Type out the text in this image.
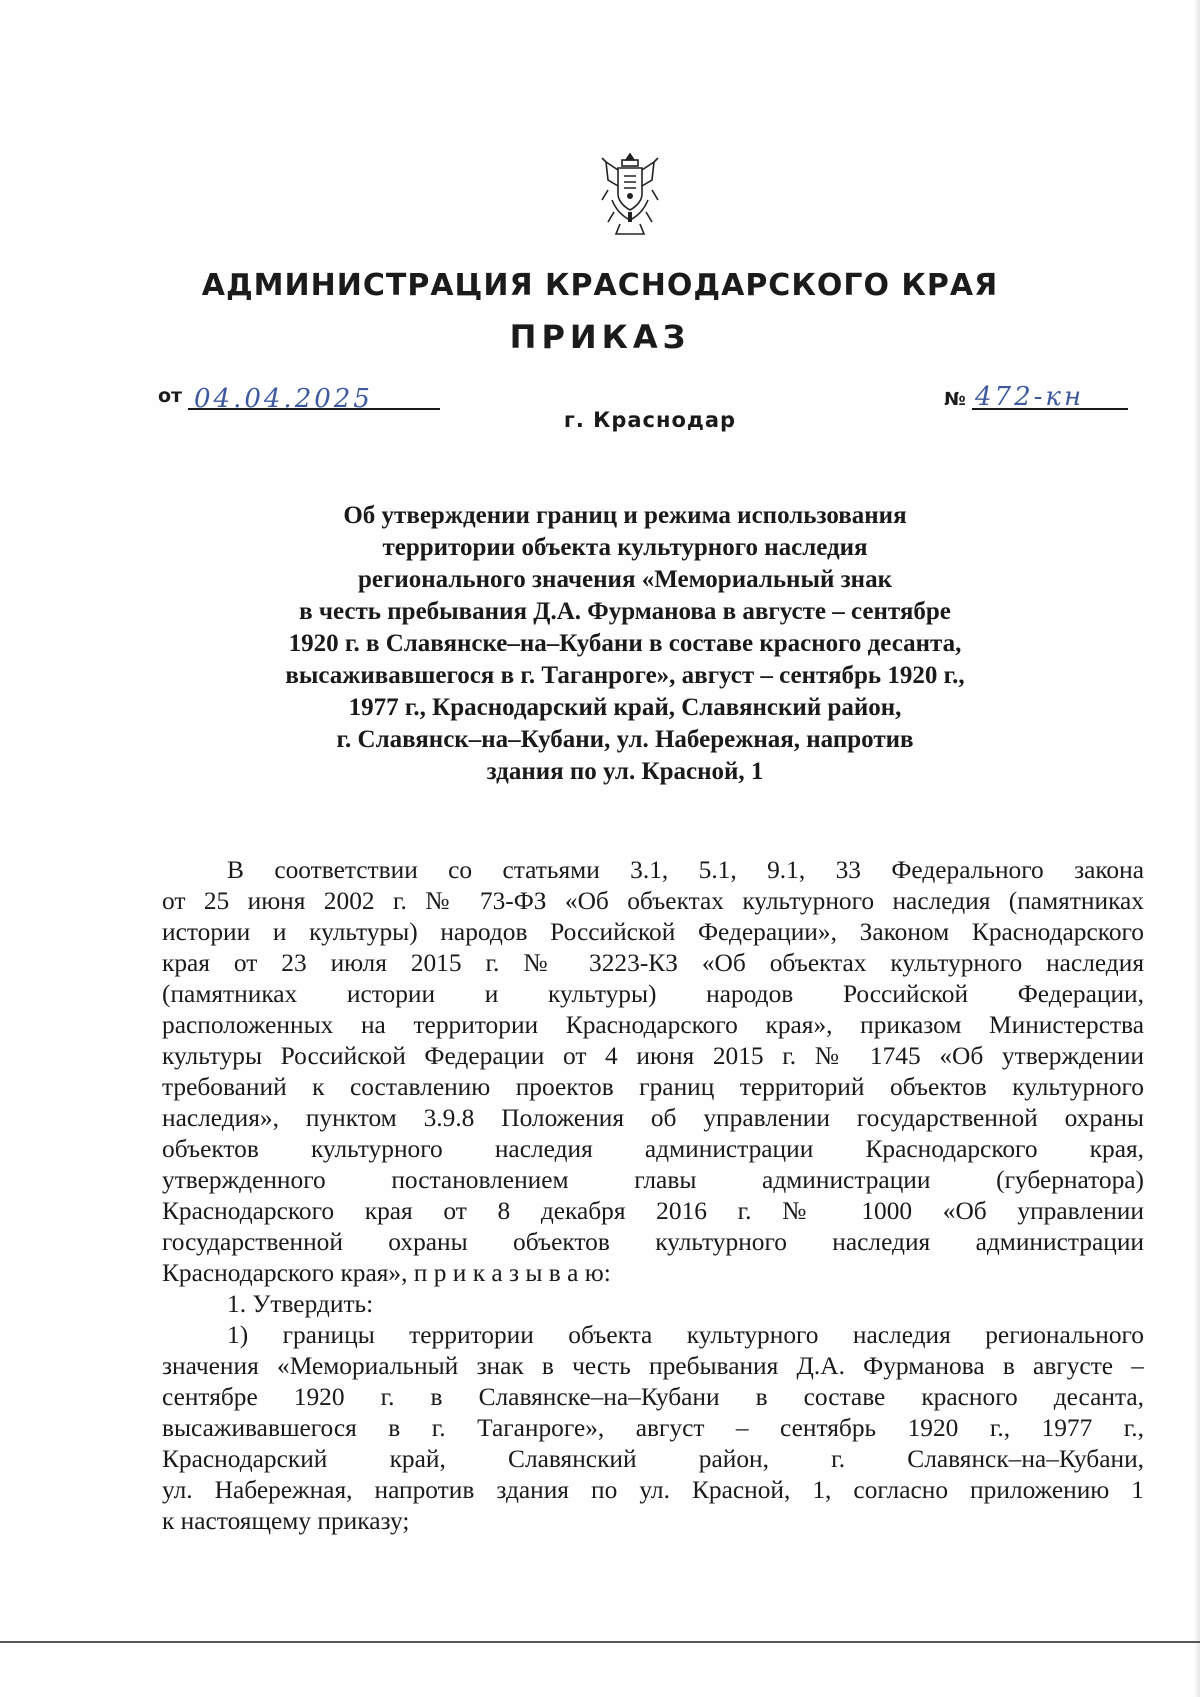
АДМИНИСТРАЦИЯ КРАСНОДАРСКОГО КРАЯ
ПРИКАЗ
от 04.04.2025	№ 472-кн
г. Краснодар
Об утверждении границ и режима использования
территории объекта культурного наследия
регионального значения «Мемориальный знак
в честь пребывания Д.А. Фурманова в августе – сентябре
1920 г. в Славянске–на–Кубани в составе красного десанта,
высаживавшегося в г. Таганроге», август – сентябрь 1920 г.,
1977 г., Краснодарский край, Славянский район,
г. Славянск–на–Кубани, ул. Набережная, напротив
здания по ул. Красной, 1
В соответствии со статьями 3.1, 5.1, 9.1, 33 Федерального закона
от 25 июня 2002 г. № 73-ФЗ «Об объектах культурного наследия (памятниках
истории и культуры) народов Российской Федерации», Законом Краснодарского
края от 23 июля 2015 г. № 3223-КЗ «Об объектах культурного наследия
(памятниках истории и культуры) народов Российской Федерации,
расположенных на территории Краснодарского края», приказом Министерства
культуры Российской Федерации от 4 июня 2015 г. № 1745 «Об утверждении
требований к составлению проектов границ территорий объектов культурного
наследия», пунктом 3.9.8 Положения об управлении государственной охраны
объектов культурного наследия администрации Краснодарского края,
утвержденного постановлением главы администрации (губернатора)
Краснодарского края от 8 декабря 2016 г. № 1000 «Об управлении
государственной охраны объектов культурного наследия администрации
Краснодарского края», п р и к а з ы в а ю:
1. Утвердить:
1) границы территории объекта культурного наследия регионального
значения «Мемориальный знак в честь пребывания Д.А. Фурманова в августе –
сентябре 1920 г. в Славянске–на–Кубани в составе красного десанта,
высаживавшегося в г. Таганроге», август – сентябрь 1920 г., 1977 г.,
Краснодарский край, Славянский район, г. Славянск–на–Кубани,
ул. Набережная, напротив здания по ул. Красной, 1, согласно приложению 1
к настоящему приказу;
